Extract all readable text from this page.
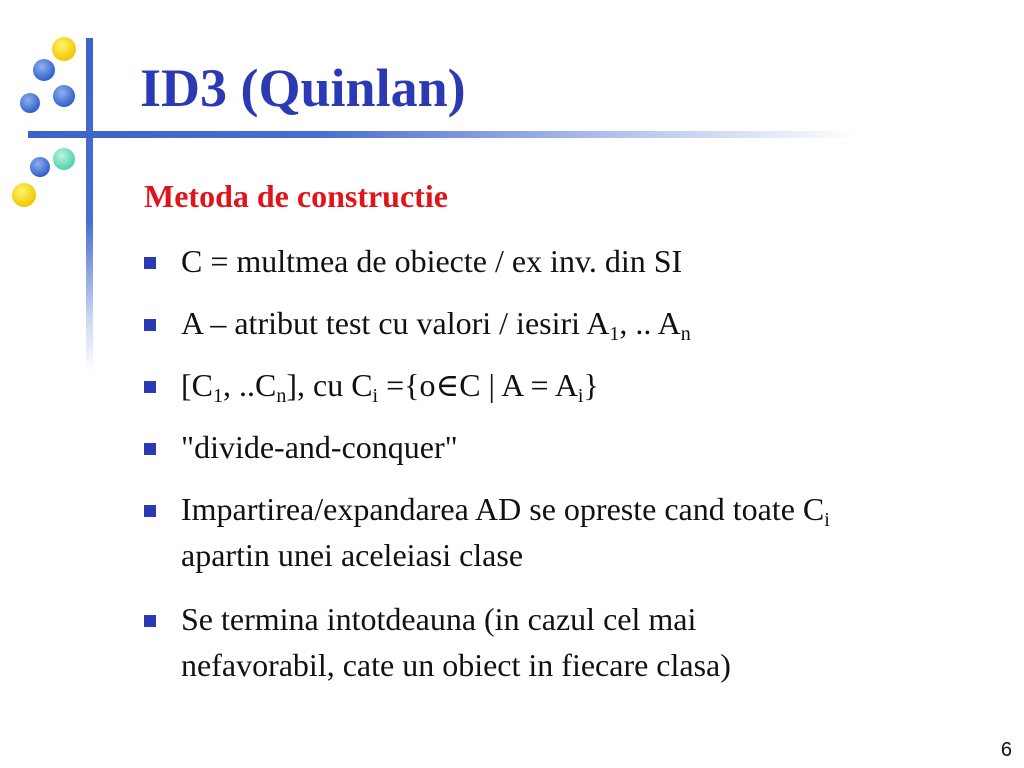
ID3 (Quinlan)
Metoda de constructie
C = multmea de obiecte / ex inv. din SI
A – atribut test cu valori / iesiri $A_1$, .. $A_n$
[$C_1$, $..C_n$], cu $C_i$ ={o∈C | $A = A_i$}
"divide-and-conquer"
Impartirea/expandarea AD se opreste cand toate $C_i$
apartin unei aceleiasi clase
Se termina intotdeauna (in cazul cel mai
nefavorabil, cate un obiect in fiecare clasa)
6
